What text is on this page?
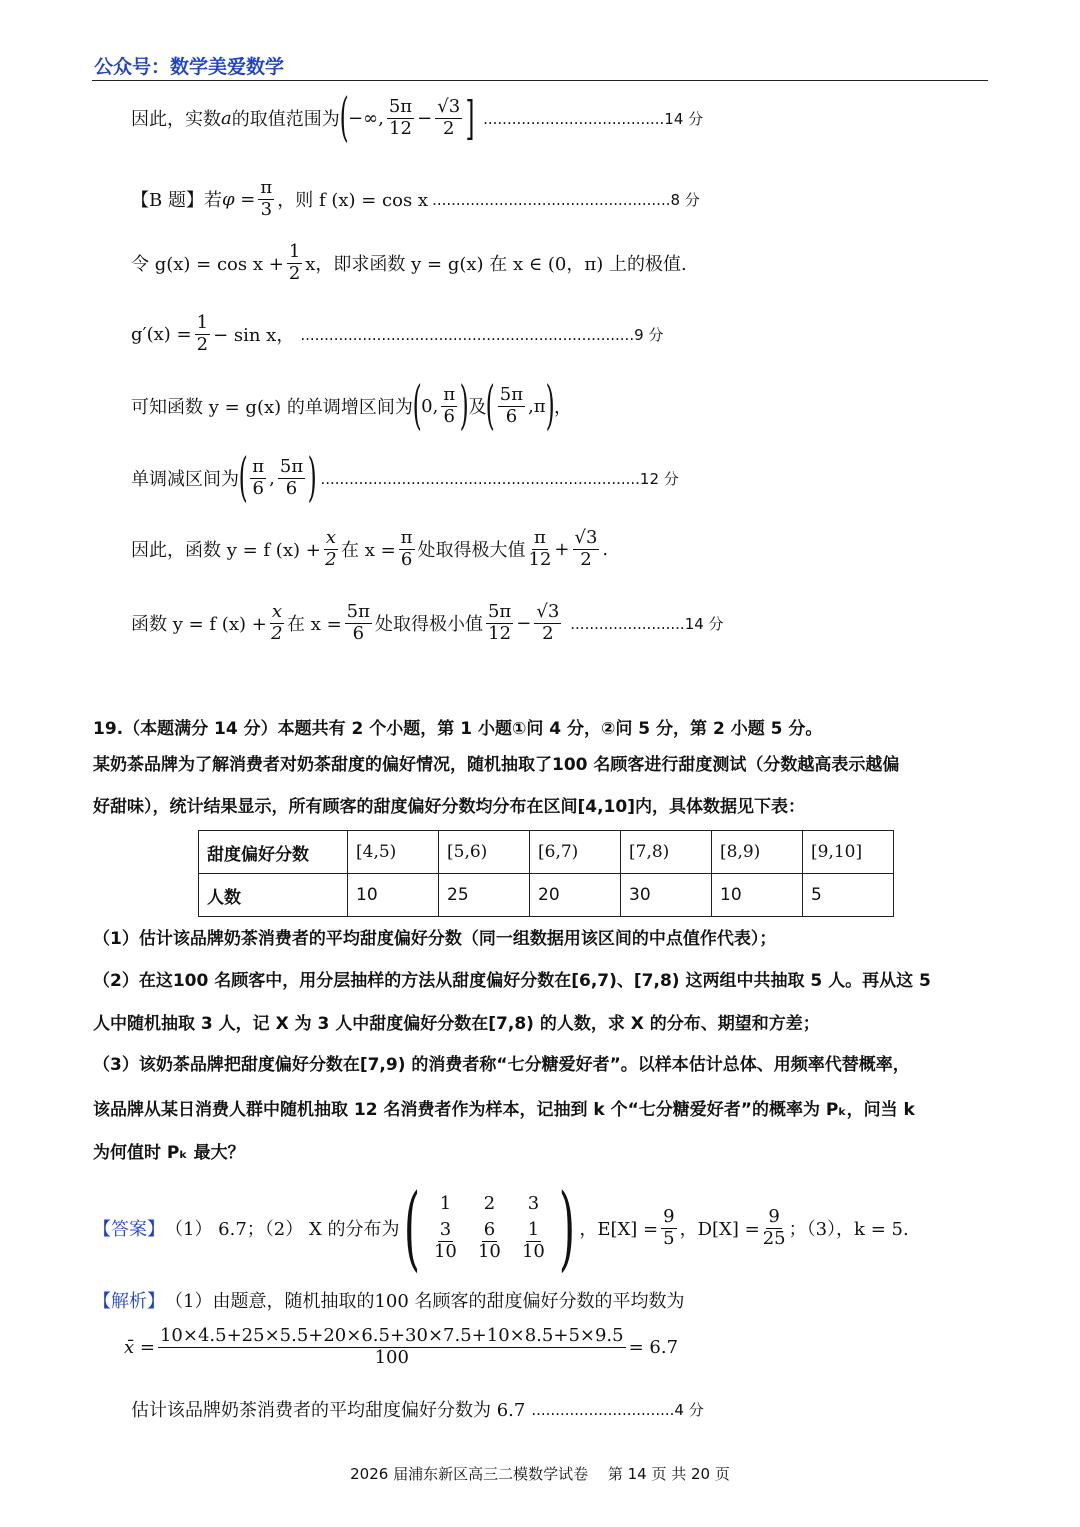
公众号：数学美爱数学
因此，实数 a 的取值范围为 ( −∞, $\frac{5\pi}{12} - \frac{√3}{2}$ ] ......................................14 分
【B 题】若 $\varphi = \frac{\pi}{3}$ ，则 f (x) = cos x ..................................................8 分
令 $g(x) = \cos x + \frac{1}{2}$ x，即求函数 y = g(x) 在 x ∈ (0，π) 上的极值.
$g'(x) = \frac{1}{2} - \sin x$， ......................................................................9 分
可知函数 y = g(x) 的单调增区间为 ( 0, $\frac{\pi}{6}$ ) 及 ( $\frac{5\pi}{6} ,\pi$ ) ，
单调减区间为 ( $\frac{\pi}{6}$ , $\frac{5\pi}{6}$ ) ...................................................................12 分
因此，函数 y = f $(x) + \frac{x}{2}$ 在 $x = \frac{\pi}{6}$ 处取得极大值 $\frac{\pi}{12} + \frac{√3}{2}$ .
函数 y = f $(x) + \frac{x}{2}$ 在 $x = \frac{5\pi}{6}$ 处取得极小值 $\frac{5\pi}{12} - \frac{√3}{2} ........................14$ 分
19.（本题满分 14 分）本题共有 2 个小题，第 1 小题①问 4 分，②问 5 分，第 2 小题 5 分。
某奶茶品牌为了解消费者对奶茶甜度的偏好情况，随机抽取了100 名顾客进行甜度测试（分数越高表示越偏
好甜味），统计结果显示，所有顾客的甜度偏好分数均分布在区间[4,10]内，具体数据见下表：
甜度偏好分数	[4,5)	[5,6)	[6,7)	[7,8)	[8,9)	[9,10]
人数	10	25	20	30	10	5
（1）估计该品牌奶茶消费者的平均甜度偏好分数（同一组数据用该区间的中点值作代表）；
（2）在这100 名顾客中，用分层抽样的方法从甜度偏好分数在[6,7)、[7,8) 这两组中共抽取 5 人。再从这 5
人中随机抽取 3 人，记 X 为 3 人中甜度偏好分数在[7,8) 的人数，求 X 的分布、期望和方差；
（3）该奶茶品牌把甜度偏好分数在[7,9) 的消费者称“七分糖爱好者”。以样本估计总体、用频率代替概率，
该品牌从某日消费人群中随机抽取 12 名消费者作为样本，记抽到 k 个“七分糖爱好者”的概率为 Pₖ，问当 k
为何值时 Pₖ 最大？
【答案】 （1） 6.7；（2） X 的分布为 (	1	2	3
$\frac{3}{10} \frac{6}{10} \frac{1}{10}$ ) ，$E[X] = \frac{9}{5}$ ，$D[X] = \frac{9}{25}$ ；（3），k = 5.
【解析】 （1）由题意，随机抽取的100 名顾客的甜度偏好分数的平均数为
x̄ = $\frac{10\times 4.5+25\times 5.5+20\times 6.5+30\times 7.5+10\times 8.5+5\times 9.5}{100} = 6.7$
估计该品牌奶茶消费者的平均甜度偏好分数为 6.7 ..............................4 分
2026 届浦东新区高三二模数学试卷　 第 14 页 共 20 页
